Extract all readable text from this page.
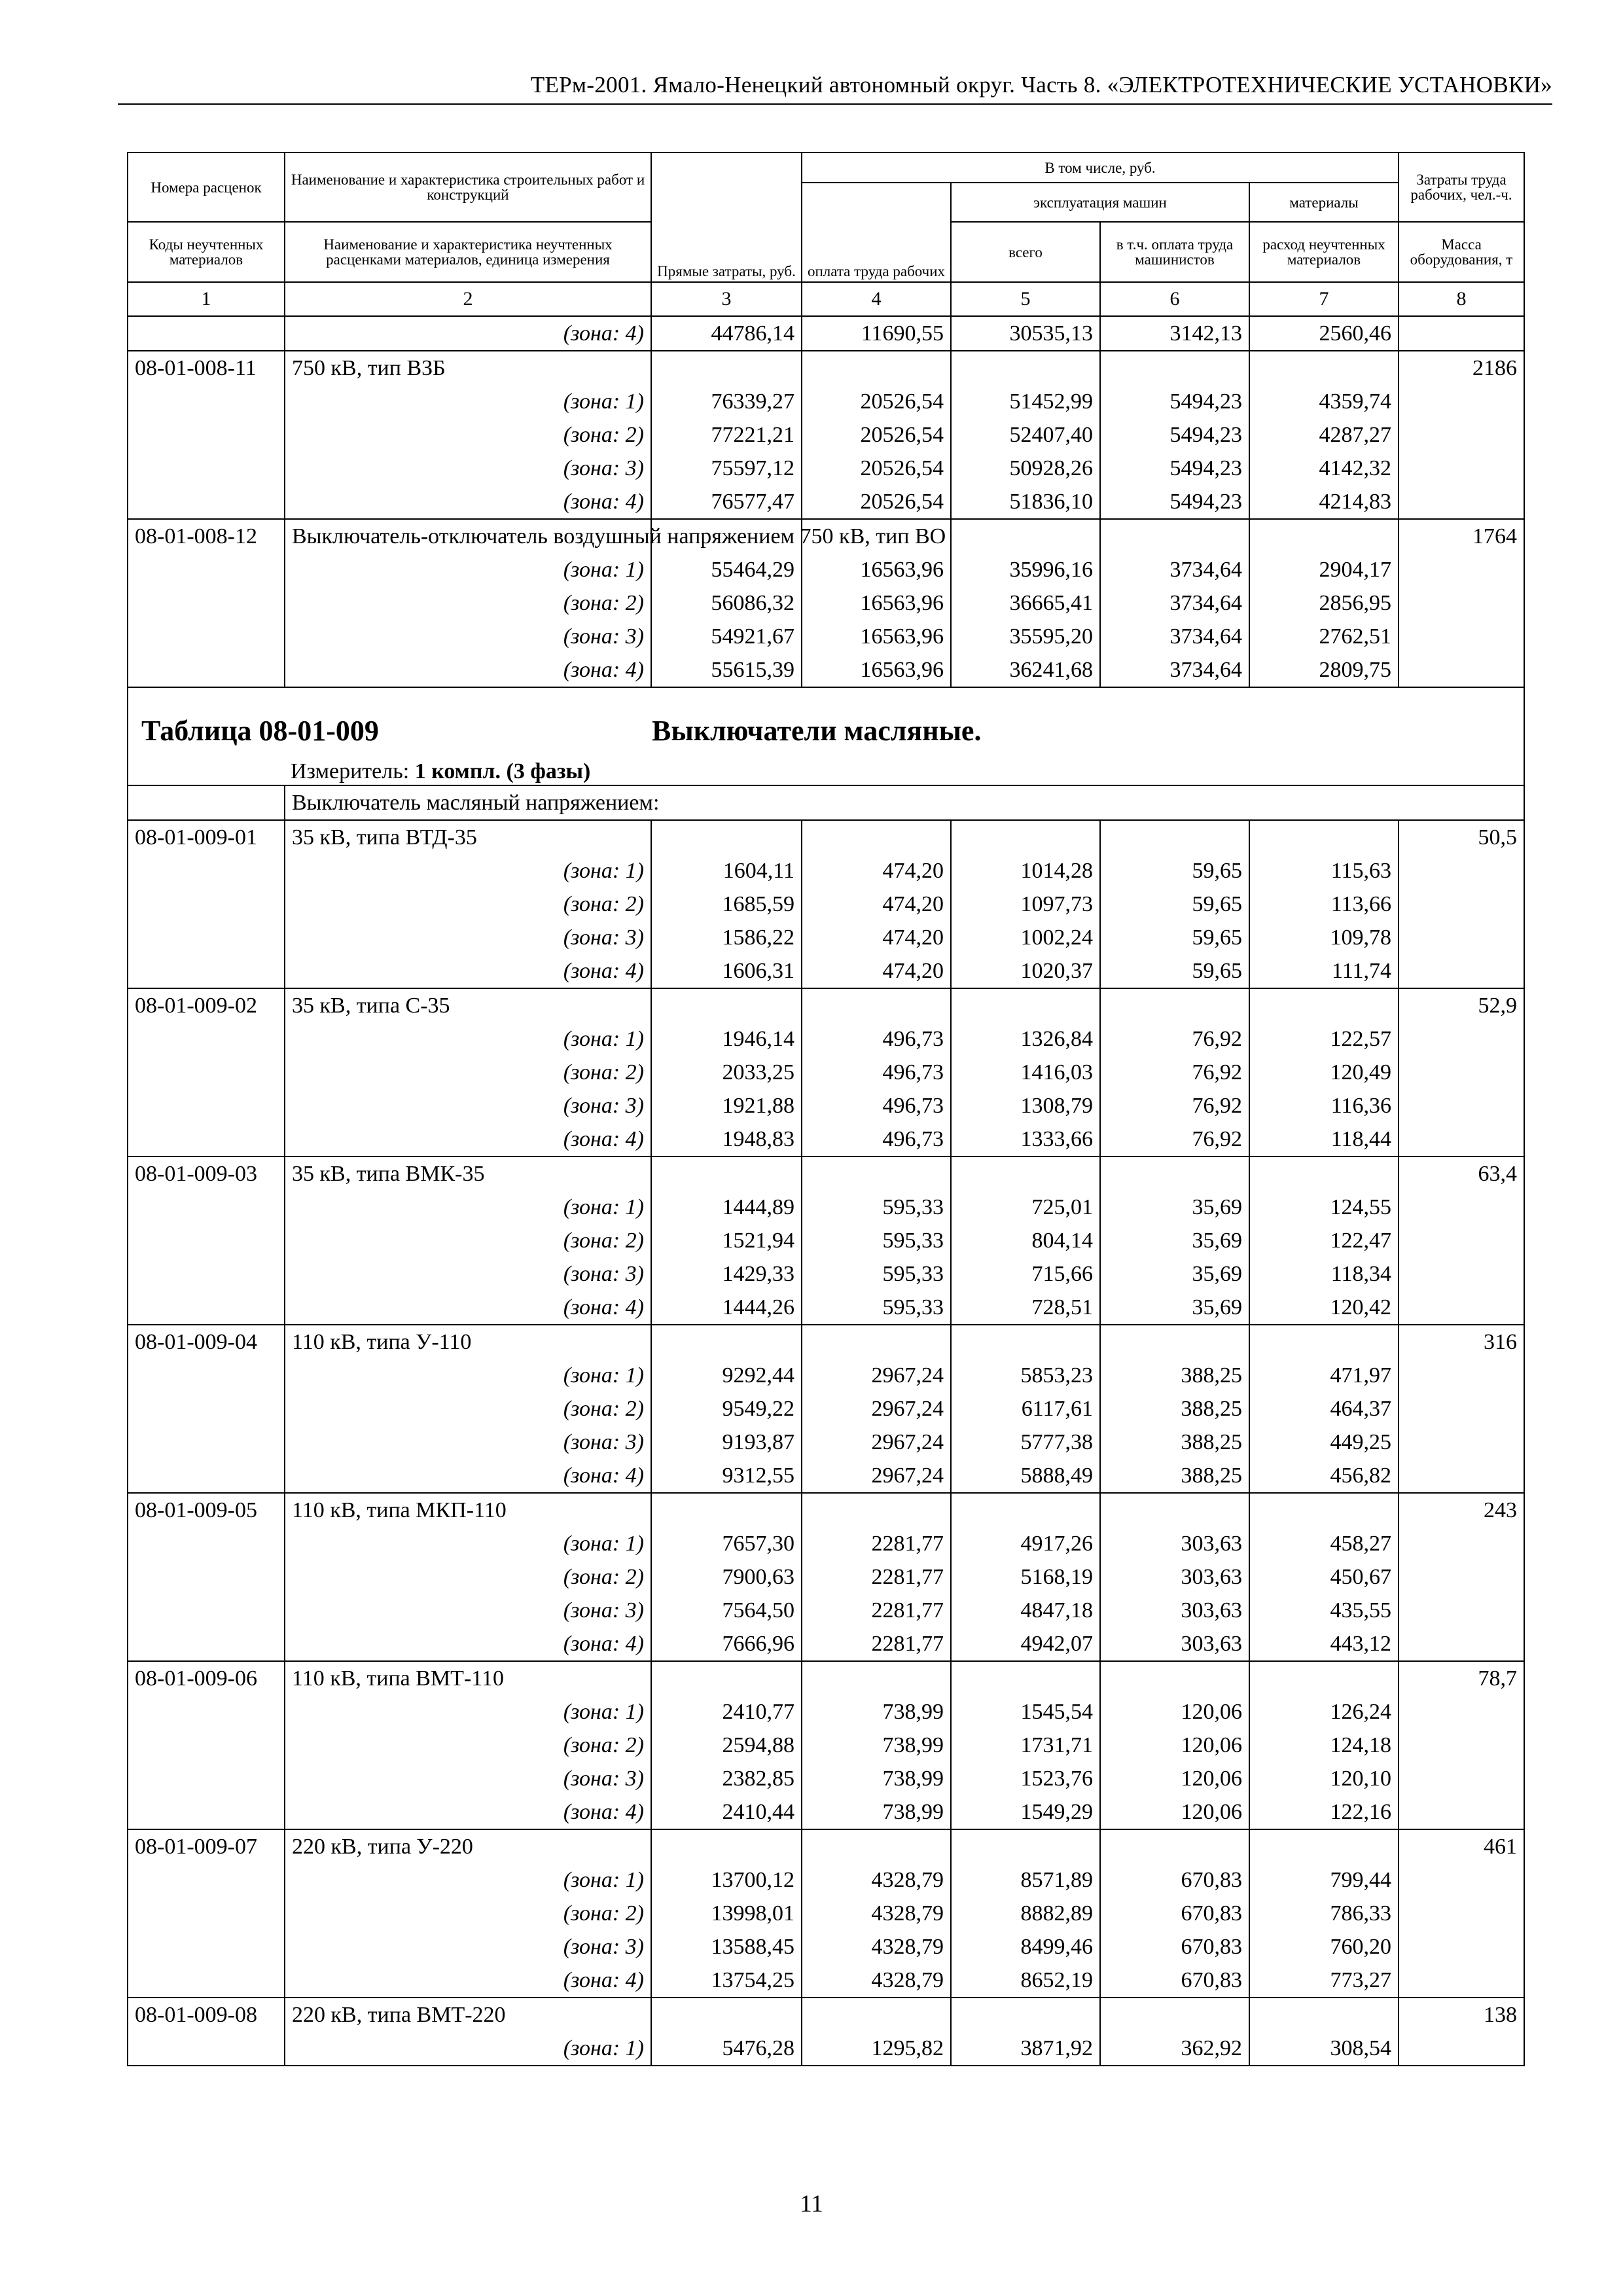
ТЕРм-2001. Ямало-Ненецкий автономный округ. Часть 8. «ЭЛЕКТРОТЕХНИЧЕСКИЕ УСТАНОВКИ»
Номера расценок	Наименование и характеристика строительных работ и конструкций	Прямые затраты, руб.	В том числе, руб.				Затраты труда рабочих, чел.-ч.
			оплата труда рабочих	эксплуатация машин		материалы	
Коды неучтенных материалов	Наименование и характеристика неучтенных расценками материалов, единица измерения			всего	в т.ч. оплата труда машинистов	расход неучтенных материалов	Масса оборудования, т
1	2	3	4	5	6	7	8
	(зона: 4)	44786,14	11690,55	30535,13	3142,13	2560,46	
08-01-008-11	750 кВ, тип ВЗБ						2186
	(зона: 1)	76339,27	20526,54	51452,99	5494,23	4359,74	
	(зона: 2)	77221,21	20526,54	52407,40	5494,23	4287,27	
	(зона: 3)	75597,12	20526,54	50928,26	5494,23	4142,32	
	(зона: 4)	76577,47	20526,54	51836,10	5494,23	4214,83	
08-01-008-12	Выключатель-отключатель воздушный напряжением 750 кВ, тип ВО						1764
	(зона: 1)	55464,29	16563,96	35996,16	3734,64	2904,17	
	(зона: 2)	56086,32	16563,96	36665,41	3734,64	2856,95	
	(зона: 3)	54921,67	16563,96	35595,20	3734,64	2762,51	
	(зона: 4)	55615,39	16563,96	36241,68	3734,64	2809,75	

Таблица 08-01-009 Выключатели масляные.
Измеритель: 1 компл. (3 фазы)							

	Выключатель масляный напряжением:						
08-01-009-01	35 кВ, типа ВТД-35						50,5
	(зона: 1)	1604,11	474,20	1014,28	59,65	115,63	
	(зона: 2)	1685,59	474,20	1097,73	59,65	113,66	
	(зона: 3)	1586,22	474,20	1002,24	59,65	109,78	
	(зона: 4)	1606,31	474,20	1020,37	59,65	111,74	
08-01-009-02	35 кВ, типа С-35						52,9
	(зона: 1)	1946,14	496,73	1326,84	76,92	122,57	
	(зона: 2)	2033,25	496,73	1416,03	76,92	120,49	
	(зона: 3)	1921,88	496,73	1308,79	76,92	116,36	
	(зона: 4)	1948,83	496,73	1333,66	76,92	118,44	
08-01-009-03	35 кВ, типа ВМК-35						63,4
	(зона: 1)	1444,89	595,33	725,01	35,69	124,55	
	(зона: 2)	1521,94	595,33	804,14	35,69	122,47	
	(зона: 3)	1429,33	595,33	715,66	35,69	118,34	
	(зона: 4)	1444,26	595,33	728,51	35,69	120,42	
08-01-009-04	110 кВ, типа У-110						316
	(зона: 1)	9292,44	2967,24	5853,23	388,25	471,97	
	(зона: 2)	9549,22	2967,24	6117,61	388,25	464,37	
	(зона: 3)	9193,87	2967,24	5777,38	388,25	449,25	
	(зона: 4)	9312,55	2967,24	5888,49	388,25	456,82	
08-01-009-05	110 кВ, типа МКП-110						243
	(зона: 1)	7657,30	2281,77	4917,26	303,63	458,27	
	(зона: 2)	7900,63	2281,77	5168,19	303,63	450,67	
	(зона: 3)	7564,50	2281,77	4847,18	303,63	435,55	
	(зона: 4)	7666,96	2281,77	4942,07	303,63	443,12	
08-01-009-06	110 кВ, типа ВМТ-110						78,7
	(зона: 1)	2410,77	738,99	1545,54	120,06	126,24	
	(зона: 2)	2594,88	738,99	1731,71	120,06	124,18	
	(зона: 3)	2382,85	738,99	1523,76	120,06	120,10	
	(зона: 4)	2410,44	738,99	1549,29	120,06	122,16	
08-01-009-07	220 кВ, типа У-220						461
	(зона: 1)	13700,12	4328,79	8571,89	670,83	799,44	
	(зона: 2)	13998,01	4328,79	8882,89	670,83	786,33	
	(зона: 3)	13588,45	4328,79	8499,46	670,83	760,20	
	(зона: 4)	13754,25	4328,79	8652,19	670,83	773,27	
08-01-009-08	220 кВ, типа ВМТ-220						138
	(зона: 1)	5476,28	1295,82	3871,92	362,92	308,54	
11
